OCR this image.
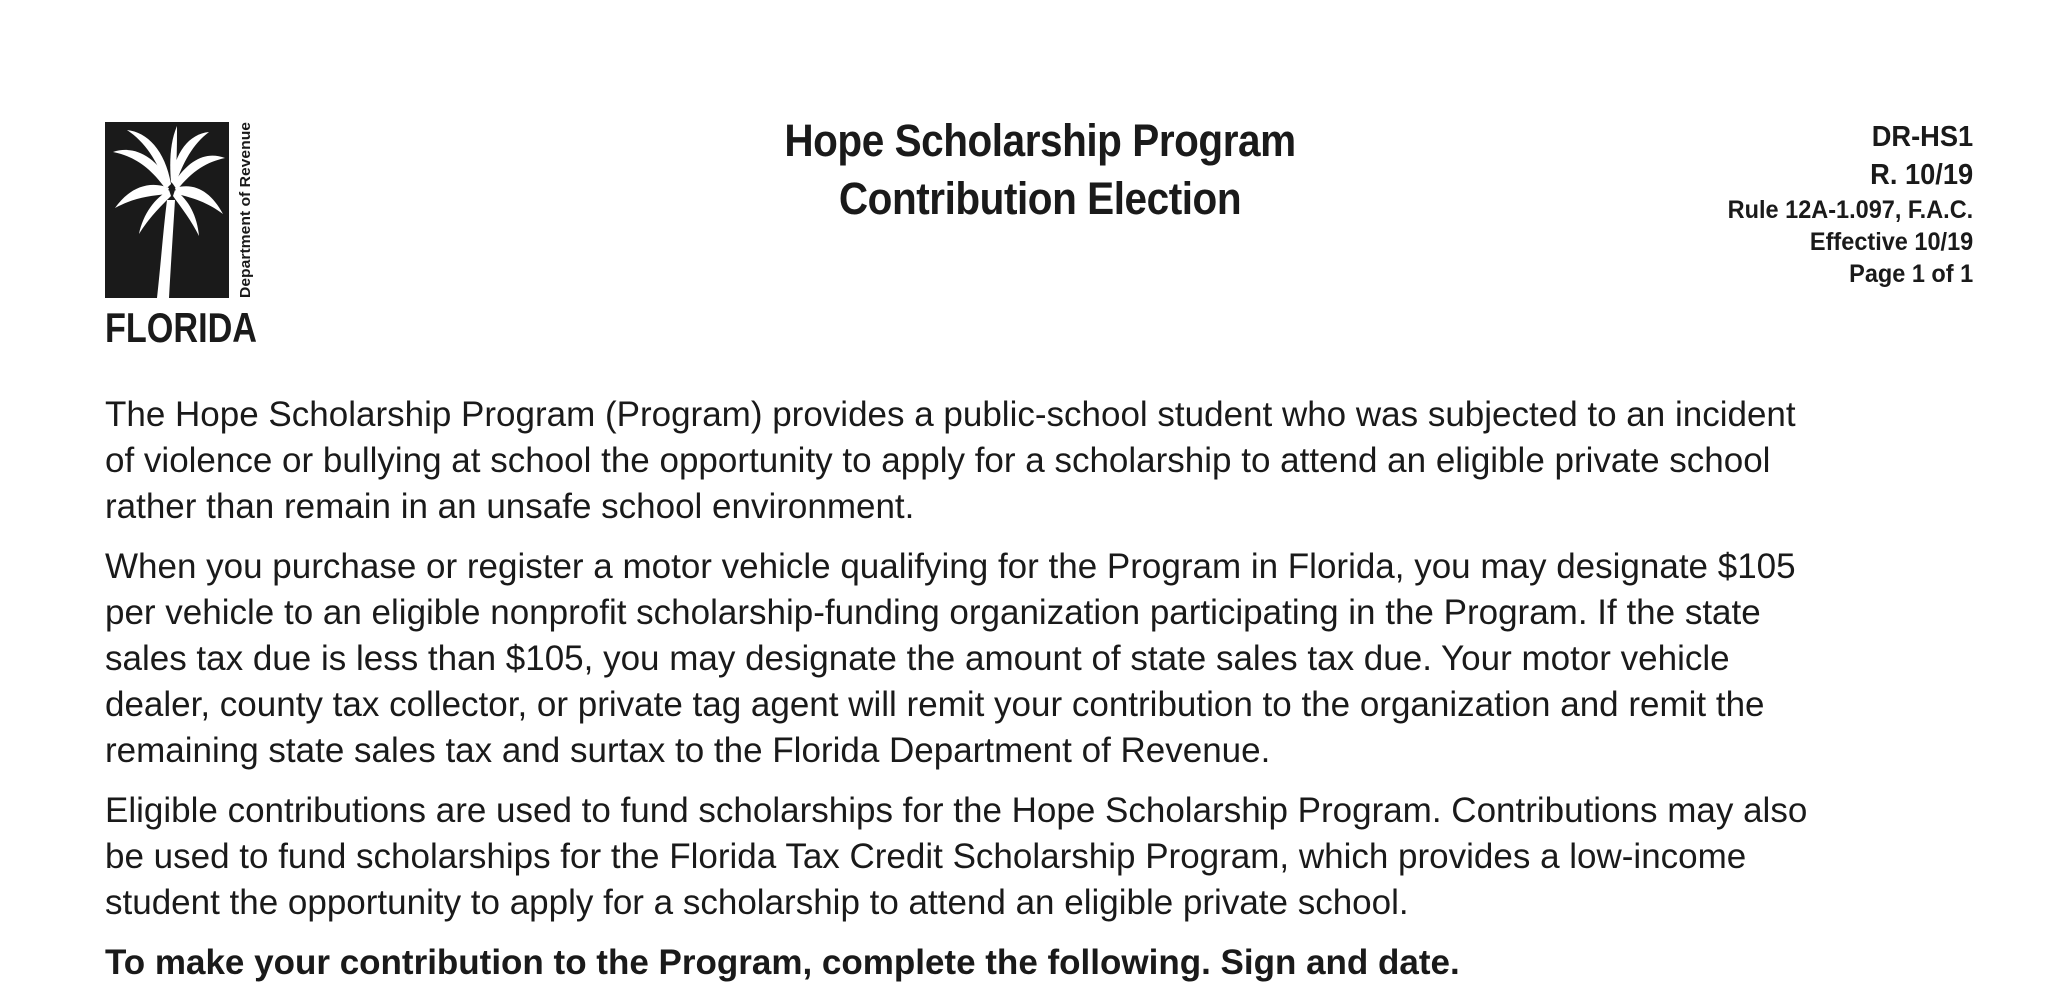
Department of Revenue
FLORIDA
Hope Scholarship Program
Contribution Election
DR-HS1
R. 10/19
Rule 12A-1.097, F.A.C.
Effective 10/19
Page 1 of 1

The Hope Scholarship Program (Program) provides a public-school student who was subjected to an incident
of violence or bullying at school the opportunity to apply for a scholarship to attend an eligible private school
rather than remain in an unsafe school environment.

When you purchase or register a motor vehicle qualifying for the Program in Florida, you may designate $105
per vehicle to an eligible nonprofit scholarship-funding organization participating in the Program. If the state
sales tax due is less than $105, you may designate the amount of state sales tax due. Your motor vehicle
dealer, county tax collector, or private tag agent will remit your contribution to the organization and remit the
remaining state sales tax and surtax to the Florida Department of Revenue.

Eligible contributions are used to fund scholarships for the Hope Scholarship Program. Contributions may also
be used to fund scholarships for the Florida Tax Credit Scholarship Program, which provides a low-income
student the opportunity to apply for a scholarship to attend an eligible private school.

To make your contribution to the Program, complete the following. Sign and date.
